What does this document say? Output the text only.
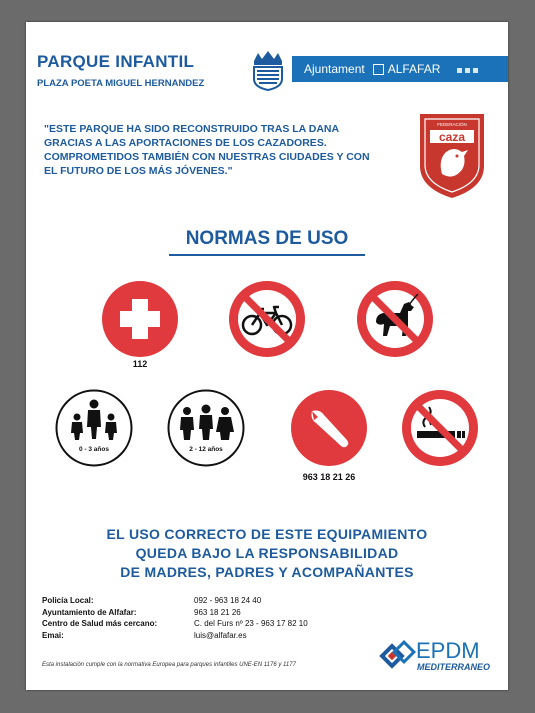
PARQUE INFANTIL
PLAZA POETA MIGUEL HERNANDEZ
Ajuntament ALFAFAR
"ESTE PARQUE HA SIDO RECONSTRUIDO TRAS LA DANA GRACIAS A LAS APORTACIONES DE LOS CAZADORES. COMPROMETIDOS TAMBIÉN CON NUESTRAS CIUDADES Y CON EL FUTURO DE LOS MÁS JÓVENES."
FEDERACIÓN
caza
NORMAS DE USO
112
0 - 3 años	2 - 12 años
963 18 21 26
EL USO CORRECTO DE ESTE EQUIPAMIENTO
QUEDA BAJO LA RESPONSABILIDAD
DE MADRES, PADRES Y ACOMPAÑANTES
Policía Local:	092 - 963 18 24 40
Ayuntamiento de Alfafar:	963 18 21 26
Centro de Salud más cercano:	C. del Furs nº 23 - 963 17 82 10
Emai:	luis@alfafar.es
Esta instalación cumple con la normativa Europea para parques infantiles UNE-EN 1176 y 1177
EPDM
MEDITERRANEO
